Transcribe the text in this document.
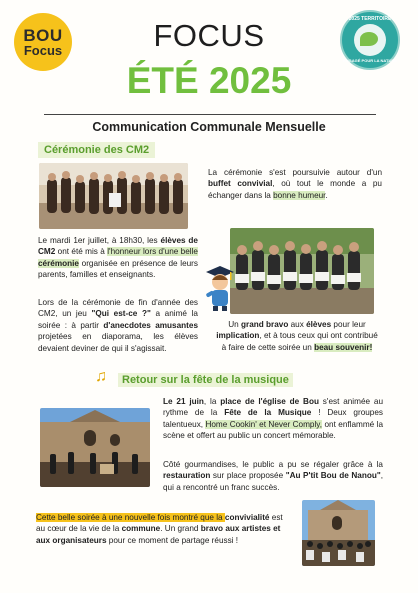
BOU
Focus
2025 TERRITOIRE
ENGAGÉ POUR LA NATURE
FOCUS
ÉTÉ 2025
Communication Communale Mensuelle
Cérémonie des CM2

La cérémonie s'est poursuivie autour d'un buffet convivial, où tout le monde a pu échanger dans la bonne humeur.

Le mardi 1er juillet, à 18h30, les élèves de CM2 ont été mis à l'honneur lors d'une belle cérémonie organisée en présence de leurs parents, familles et enseignants.

Lors de la cérémonie de fin d'année des CM2, un jeu "Qui est-ce ?" a animé la soirée : à partir d'anecdotes amusantes projetées en diaporama, les élèves devaient deviner de qui il s'agissait.

Un grand bravo aux élèves pour leur implication, et à tous ceux qui ont contribué à faire de cette soirée un beau souvenir!

♫	Retour sur la fête de la musique

Le 21 juin, la place de l'église de Bou s'est animée au rythme de la Fête de la Musique ! Deux groupes talentueux, Home Cookin' et Never Comply, ont enflammé la scène et offert au public un concert mémorable.

Côté gourmandises, le public a pu se régaler grâce à la restauration sur place proposée "Au P'tit Bou de Nanou", qui a rencontré un franc succès.

Cette belle soirée à une nouvelle fois montré que la convivialité est au cœur de la vie de la commune. Un grand bravo aux artistes et aux organisateurs pour ce moment de partage réussi !
